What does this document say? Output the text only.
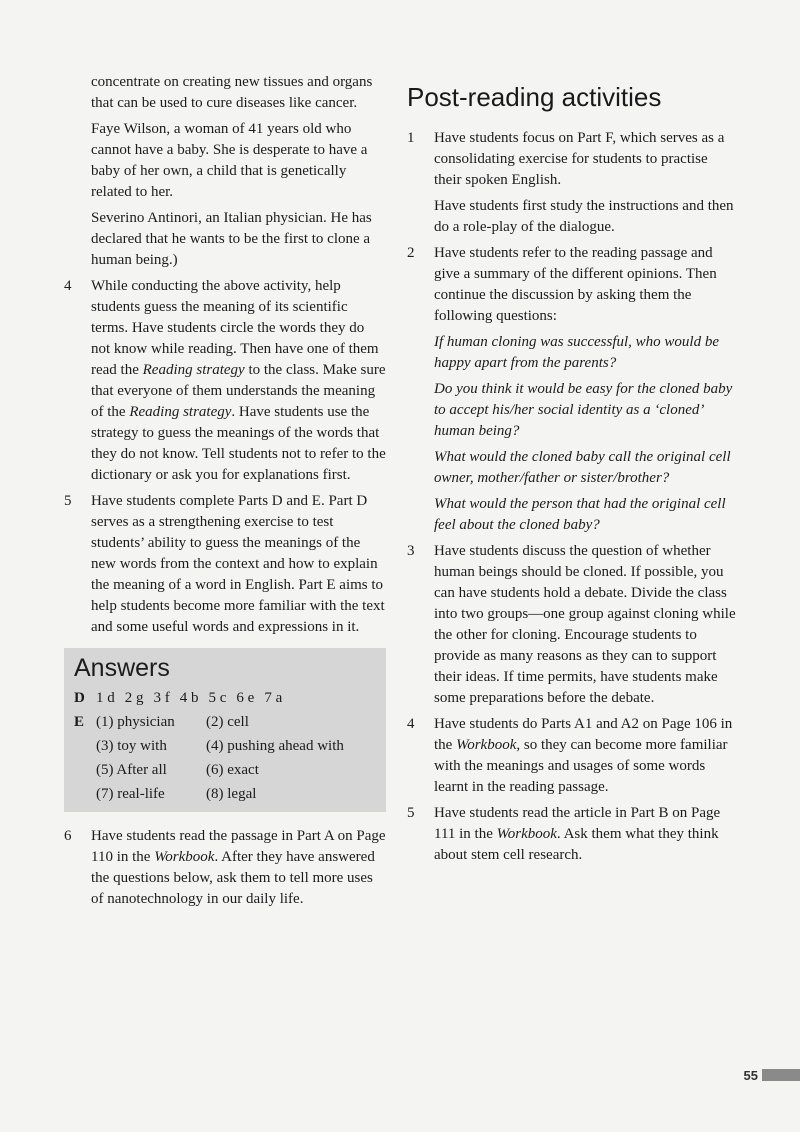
concentrate on creating new tissues and organs that can be used to cure diseases like cancer.

Faye Wilson, a woman of 41 years old who cannot have a baby. She is desperate to have a baby of her own, a child that is genetically related to her.

Severino Antinori, an Italian physician. He has declared that he wants to be the first to clone a human being.)

4 While conducting the above activity, help students guess the meaning of its scientific terms. Have students circle the words they do not know while reading. Then have one of them read the Reading strategy to the class. Make sure that everyone of them understands the meaning of the Reading strategy. Have students use the strategy to guess the meanings of the words that they do not know. Tell students not to refer to the dictionary or ask you for explanations first.

5 Have students complete Parts D and E. Part D serves as a strengthening exercise to test students’ ability to guess the meanings of the new words from the context and how to explain the meaning of a word in English. Part E aims to help students become more familiar with the text and some useful words and expressions in it.

Answers
D 1 d 2 g 3 f 4 b 5 c 6 e 7 a
E (1) physician	(2) cell
(3) toy with	(4) pushing ahead with
(5) After all	(6) exact
(7) real-life	(8) legal
6 Have students read the passage in Part A on Page 110 in the Workbook. After they have answered the questions below, ask them to tell more uses of nanotechnology in our daily life.

Post-reading activities
1 Have students focus on Part F, which serves as a consolidating exercise for students to practise their spoken English.

Have students first study the instructions and then do a role-play of the dialogue.

2 Have students refer to the reading passage and give a summary of the different opinions. Then continue the discussion by asking them the following questions:

If human cloning was successful, who would be happy apart from the parents?

Do you think it would be easy for the cloned baby to accept his/her social identity as a ‘cloned’ human being?

What would the cloned baby call the original cell owner, mother/father or sister/brother?

What would the person that had the original cell feel about the cloned baby?

3 Have students discuss the question of whether human beings should be cloned. If possible, you can have students hold a debate. Divide the class into two groups—one group against cloning while the other for cloning. Encourage students to provide as many reasons as they can to support their ideas. If time permits, have students make some preparations before the debate.

4 Have students do Parts A1 and A2 on Page 106 in the Workbook, so they can become more familiar with the meanings and usages of some words learnt in the reading passage.

5 Have students read the article in Part B on Page 111 in the Workbook. Ask them what they think about stem cell research.

55
